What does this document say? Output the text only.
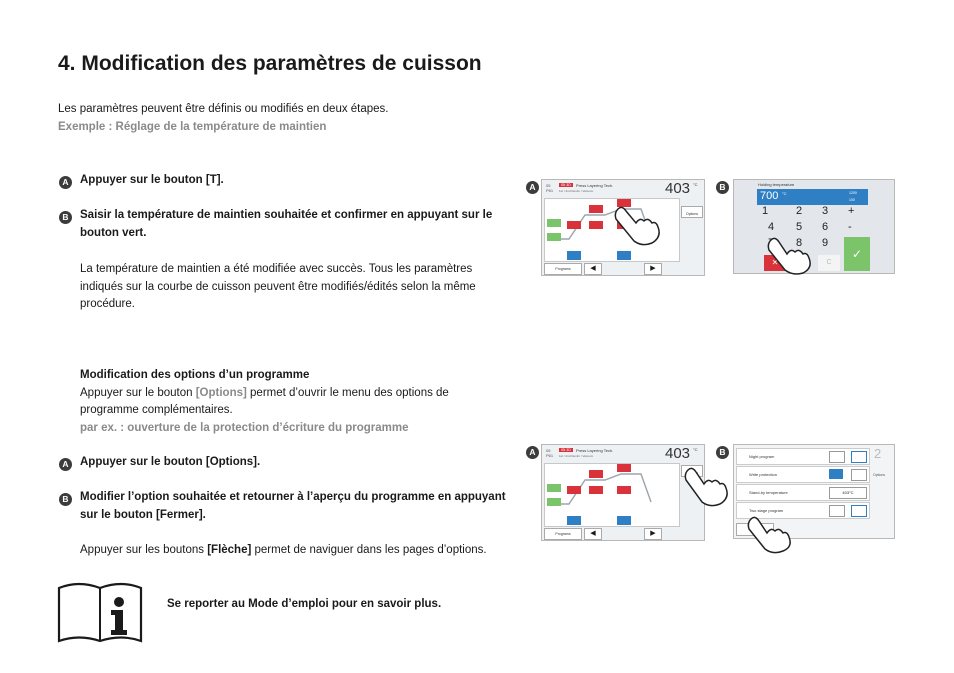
4. Modification des paramètres de cuisson
Les paramètres peuvent être définis ou modifiés en deux étapes.
Exemple : Réglage de la température de maintien
A Appuyer sur le bouton [T].
B Saisir la température de maintien souhaitée et confirmer en appuyant sur le bouton vert.
La température de maintien a été modifiée avec succès. Tous les paramètres indiqués sur la courbe de cuisson peuvent être modifiés/édités selon la même procédure.
Modification des options d’un programme
Appuyer sur le bouton [Options] permet d’ouvrir le menu des options de programme complémentaires.
par ex. : ouverture de la protection d’écriture du programme
A Appuyer sur le bouton [Options].
B Modifier l’option souhaitée et retourner à l’aperçu du programme en appuyant sur le bouton [Fermer].
Appuyer sur les boutons [Flèche] permet de naviguer dans les pages d’options.
Se reporter au Mode d’emploi pour en savoir plus.
A	05
P61
ISt 3D	Press Layering Tech.
1st / 2nd Dentin / Vacuum	403 °C
Options
Programs	◀	▶
B	Holding temperature
700 °C	1200
100
1	2 3 +
4 5 6 -
8 9
✕	C
✓
A	05
P61
ISt 3D	Press Layering Tech.
1st / 2nd Dentin / Vacuum	403 °C
Programs	◀	▶
B	Night program
Write protection
Stand-by temperature	403°C
Two stage program
2
Options
